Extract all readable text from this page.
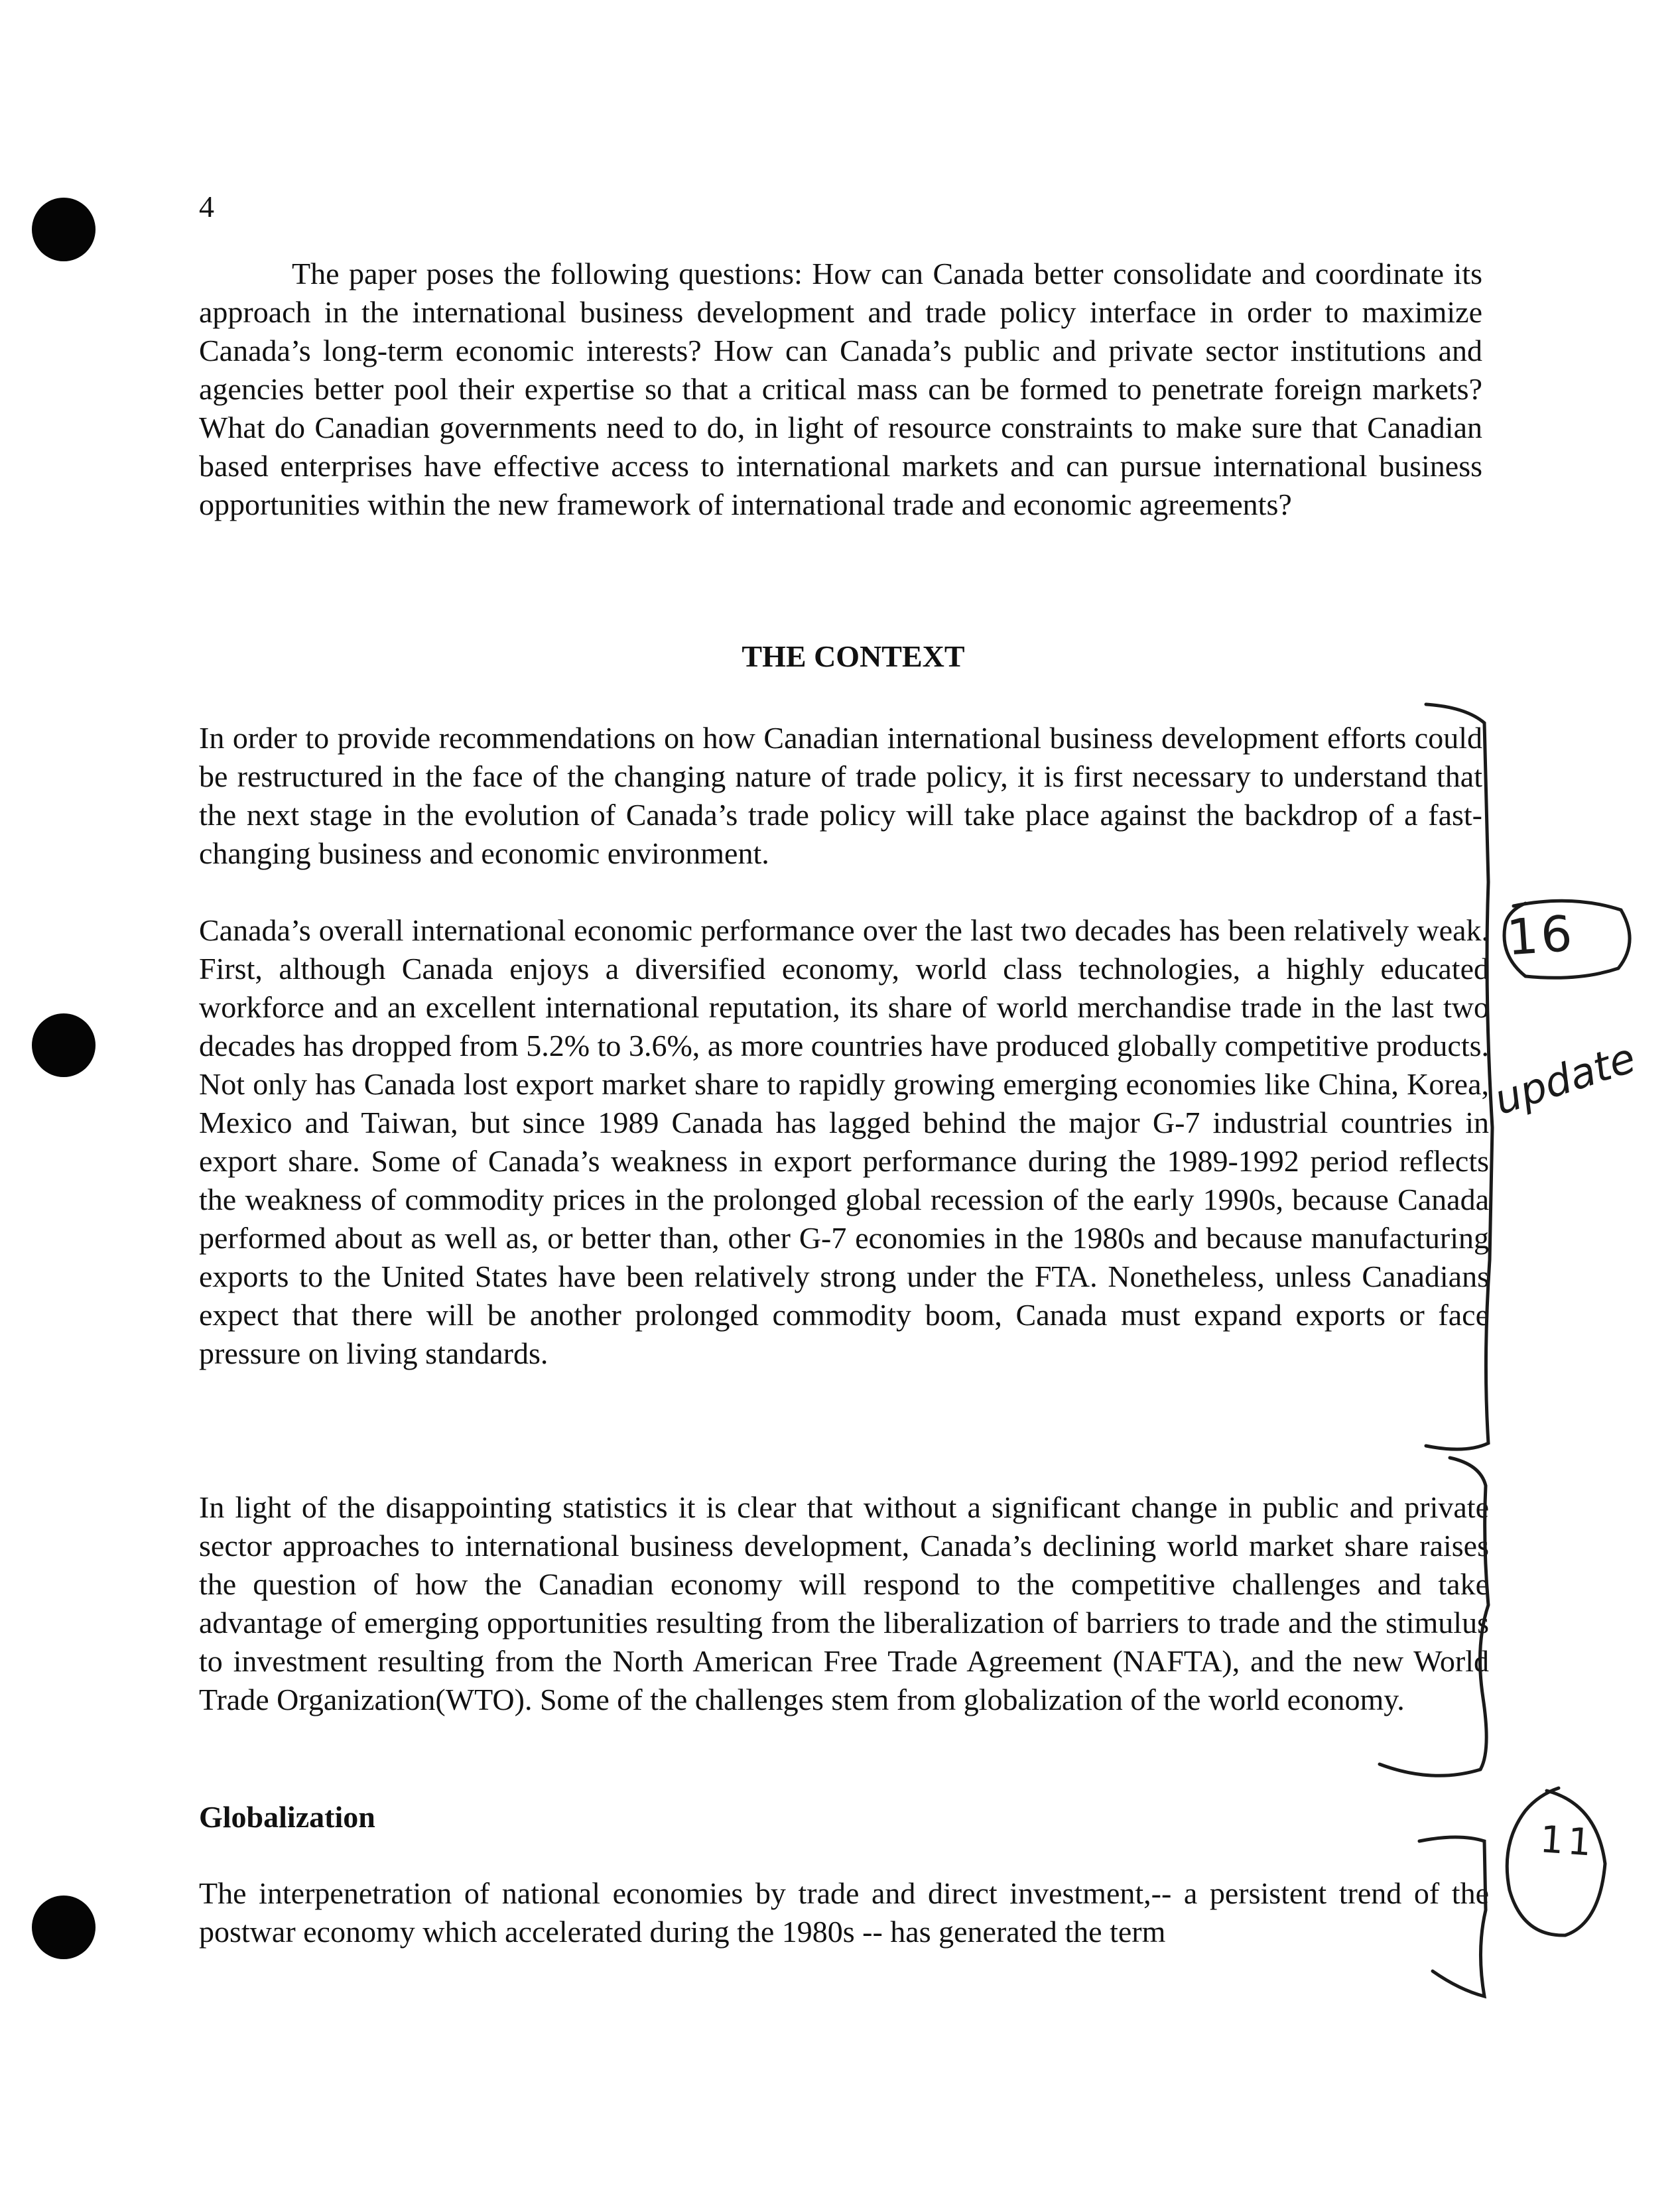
4

The paper poses the following questions: How can Canada better consolidate and coordinate its approach in the international business development and trade policy interface in order to maximize Canada’s long-term economic interests? How can Canada’s public and private sector institutions and agencies better pool their expertise so that a critical mass can be formed to penetrate foreign markets? What do Canadian governments need to do, in light of resource constraints to make sure that Canadian based enterprises have effective access to international markets and can pursue international business opportunities within the new framework of international trade and economic agreements?

THE CONTEXT

In order to provide recommendations on how Canadian international business development efforts could be restructured in the face of the changing nature of trade policy, it is first necessary to understand that the next stage in the evolution of Canada’s trade policy will take place against the backdrop of a fast-changing business and economic environment.

Canada’s overall international economic performance over the last two decades has been relatively weak. First, although Canada enjoys a diversified economy, world class technologies, a highly educated workforce and an excellent international reputation, its share of world merchandise trade in the last two decades has dropped from 5.2% to 3.6%, as more countries have produced globally competitive products. Not only has Canada lost export market share to rapidly growing emerging economies like China, Korea, Mexico and Taiwan, but since 1989 Canada has lagged behind the major G-7 industrial countries in export share. Some of Canada’s weakness in export performance during the 1989-1992 period reflects the weakness of commodity prices in the prolonged global recession of the early 1990s, because Canada performed about as well as, or better than, other G-7 economies in the 1980s and because manufacturing exports to the United States have been relatively strong under the FTA. Nonetheless, unless Canadians expect that there will be another prolonged commodity boom, Canada must expand exports or face pressure on living standards.

In light of the disappointing statistics it is clear that without a significant change in public and private sector approaches to international business development, Canada’s declining world market share raises the question of how the Canadian economy will respond to the competitive challenges and take advantage of emerging opportunities resulting from the liberalization of barriers to trade and the stimulus to investment resulting from the North American Free Trade Agreement (NAFTA), and the new World Trade Organization(WTO). Some of the challenges stem from globalization of the world economy.

Globalization

The interpenetration of national economies by trade and direct investment,-- a persistent trend of the postwar economy which accelerated during the 1980s -- has generated the term

16
update
11
